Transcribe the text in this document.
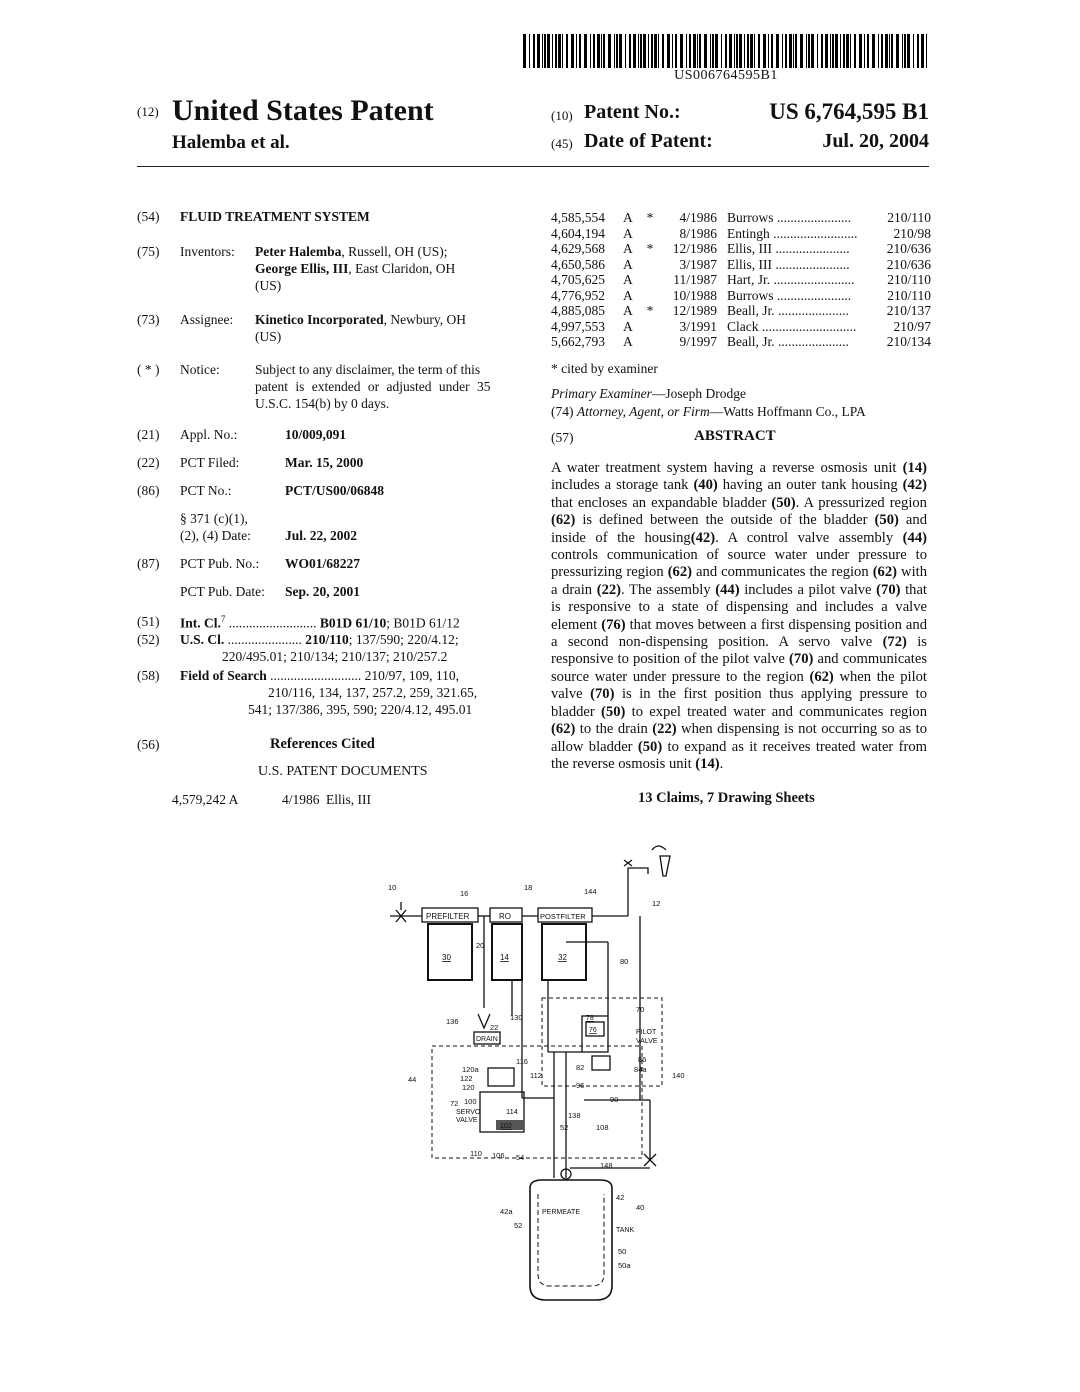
US006764595B1
(12) United States Patent
Halemba et al.
(10) Patent No.:	US 6,764,595 B1
(45) Date of Patent:	Jul. 20, 2004
(54) FLUID TREATMENT SYSTEM
(75) Inventors: Peter Halemba, Russell, OH (US);
George Ellis, III, East Claridon, OH
(US)
(73) Assignee: Kinetico Incorporated, Newbury, OH
(US)
( * ) Notice:	Subject to any disclaimer, the term of this
patent is extended or adjusted under 35
U.S.C. 154(b) by 0 days.
(21) Appl. No.:	10/009,091
(22) PCT Filed:	Mar. 15, 2000
(86) PCT No.:	PCT/US00/06848
§ 371 (c)(1),
(2), (4) Date:	Jul. 22, 2002
(87) PCT Pub. No.: WO01/68227
PCT Pub. Date: Sep. 20, 2001
(51) Int. Cl.$^7$ .......................... B01D 61/10; B01D 61/12
(52) U.S. Cl. ...................... 210/110; 137/590; 220/4.12;
220/495.01; 210/134; 210/137; 210/257.2
(58) Field of Search ........................... 210/97, 109, 110,
210/116, 134, 137, 257.2, 259, 321.65,
541; 137/386, 395, 590; 220/4.12, 495.01
(56)	References Cited
U.S. PATENT DOCUMENTS
4,579,242 A	4/1986 Ellis, III
4,585,554	A	*	4/1986 Burrows ......................	210/110
4,604,194	A	8/1986 Entingh .........................	210/98
4,629,568	A	*	12/1986 Ellis, III ......................	210/636
4,650,586	A	3/1987 Ellis, III ......................	210/636
4,705,625	A	11/1987 Hart, Jr. ........................	210/110
4,776,952	A	10/1988 Burrows ......................	210/110
4,885,085	A	*	12/1989 Beall, Jr. .....................	210/137
4,997,553	A	3/1991 Clack ............................	210/97
5,662,793	A	9/1997 Beall, Jr. .....................	210/134
* cited by examiner
Primary Examiner—Joseph Drodge
(74) Attorney, Agent, or Firm—Watts Hoffmann Co., LPA
(57)	ABSTRACT
A water treatment system having a reverse osmosis unit (14) includes a storage tank (40) having an outer tank housing (42) that encloses an expandable bladder (50). A pressurized region (62) is defined between the outside of the bladder (50) and inside of the housing(42). A control valve assembly (44) controls communication of source water under pressure to pressurizing region (62) and communicates the region (62) with a drain (22). The assembly (44) includes a pilot valve (70) that is responsive to a state of dispensing and includes a valve element (76) that moves between a first dispensing position and a second non-dispensing position. A servo valve (72) is responsive to position of the pilot valve (70) and communicates source water under pressure to the region (62) when the pilot valve (70) is in the first position thus applying pressure to bladder (50) to expel treated water and communicates region (62) to the drain (22) when dispensing is not occurring so as to allow bladder (50) to expand as it receives treated water from the reverse osmosis unit (14).
13 Claims, 7 Drawing Sheets
PREFILTER
30
RO
14
POSTFILTER
32
DRAIN
78
76	PILOT
VALVE
SERVO
VALVE
102
PERMEATE
TANK
10
16
18	144
12
20
80
70
136
22
130
82
86
84a
96
90
116
120a
122
120
112
44
72 100
114	138
52	108
140
110 106 54
148
42
40
42a
52
50
50a
